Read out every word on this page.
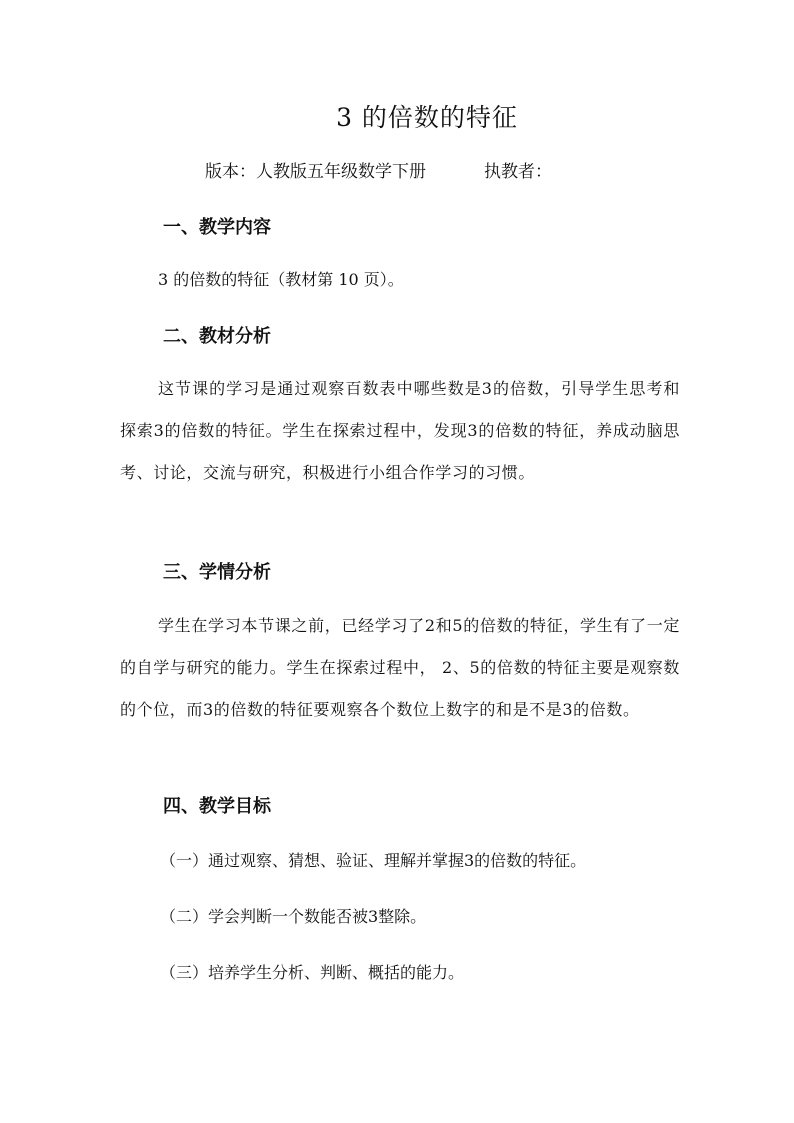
3 的倍数的特征
版本：人教版五年级数学下册	执教者：
一、教学内容
3 的倍数的特征（教材第 10 页）。
二、教材分析
这节课的学习是通过观察百数表中哪些数是3的倍数，引导学生思考和探索3的倍数的特征。学生在探索过程中，发现3的倍数的特征，养成动脑思考、讨论，交流与研究，积极进行小组合作学习的习惯。
三、学情分析
学生在学习本节课之前，已经学习了2和5的倍数的特征，学生有了一定的自学与研究的能力。学生在探索过程中， 2、5的倍数的特征主要是观察数的个位，而3的倍数的特征要观察各个数位上数字的和是不是3的倍数。
四、教学目标
（一）通过观察、猜想、验证、理解并掌握3的倍数的特征。
（二）学会判断一个数能否被3整除。
（三）培养学生分析、判断、概括的能力。
